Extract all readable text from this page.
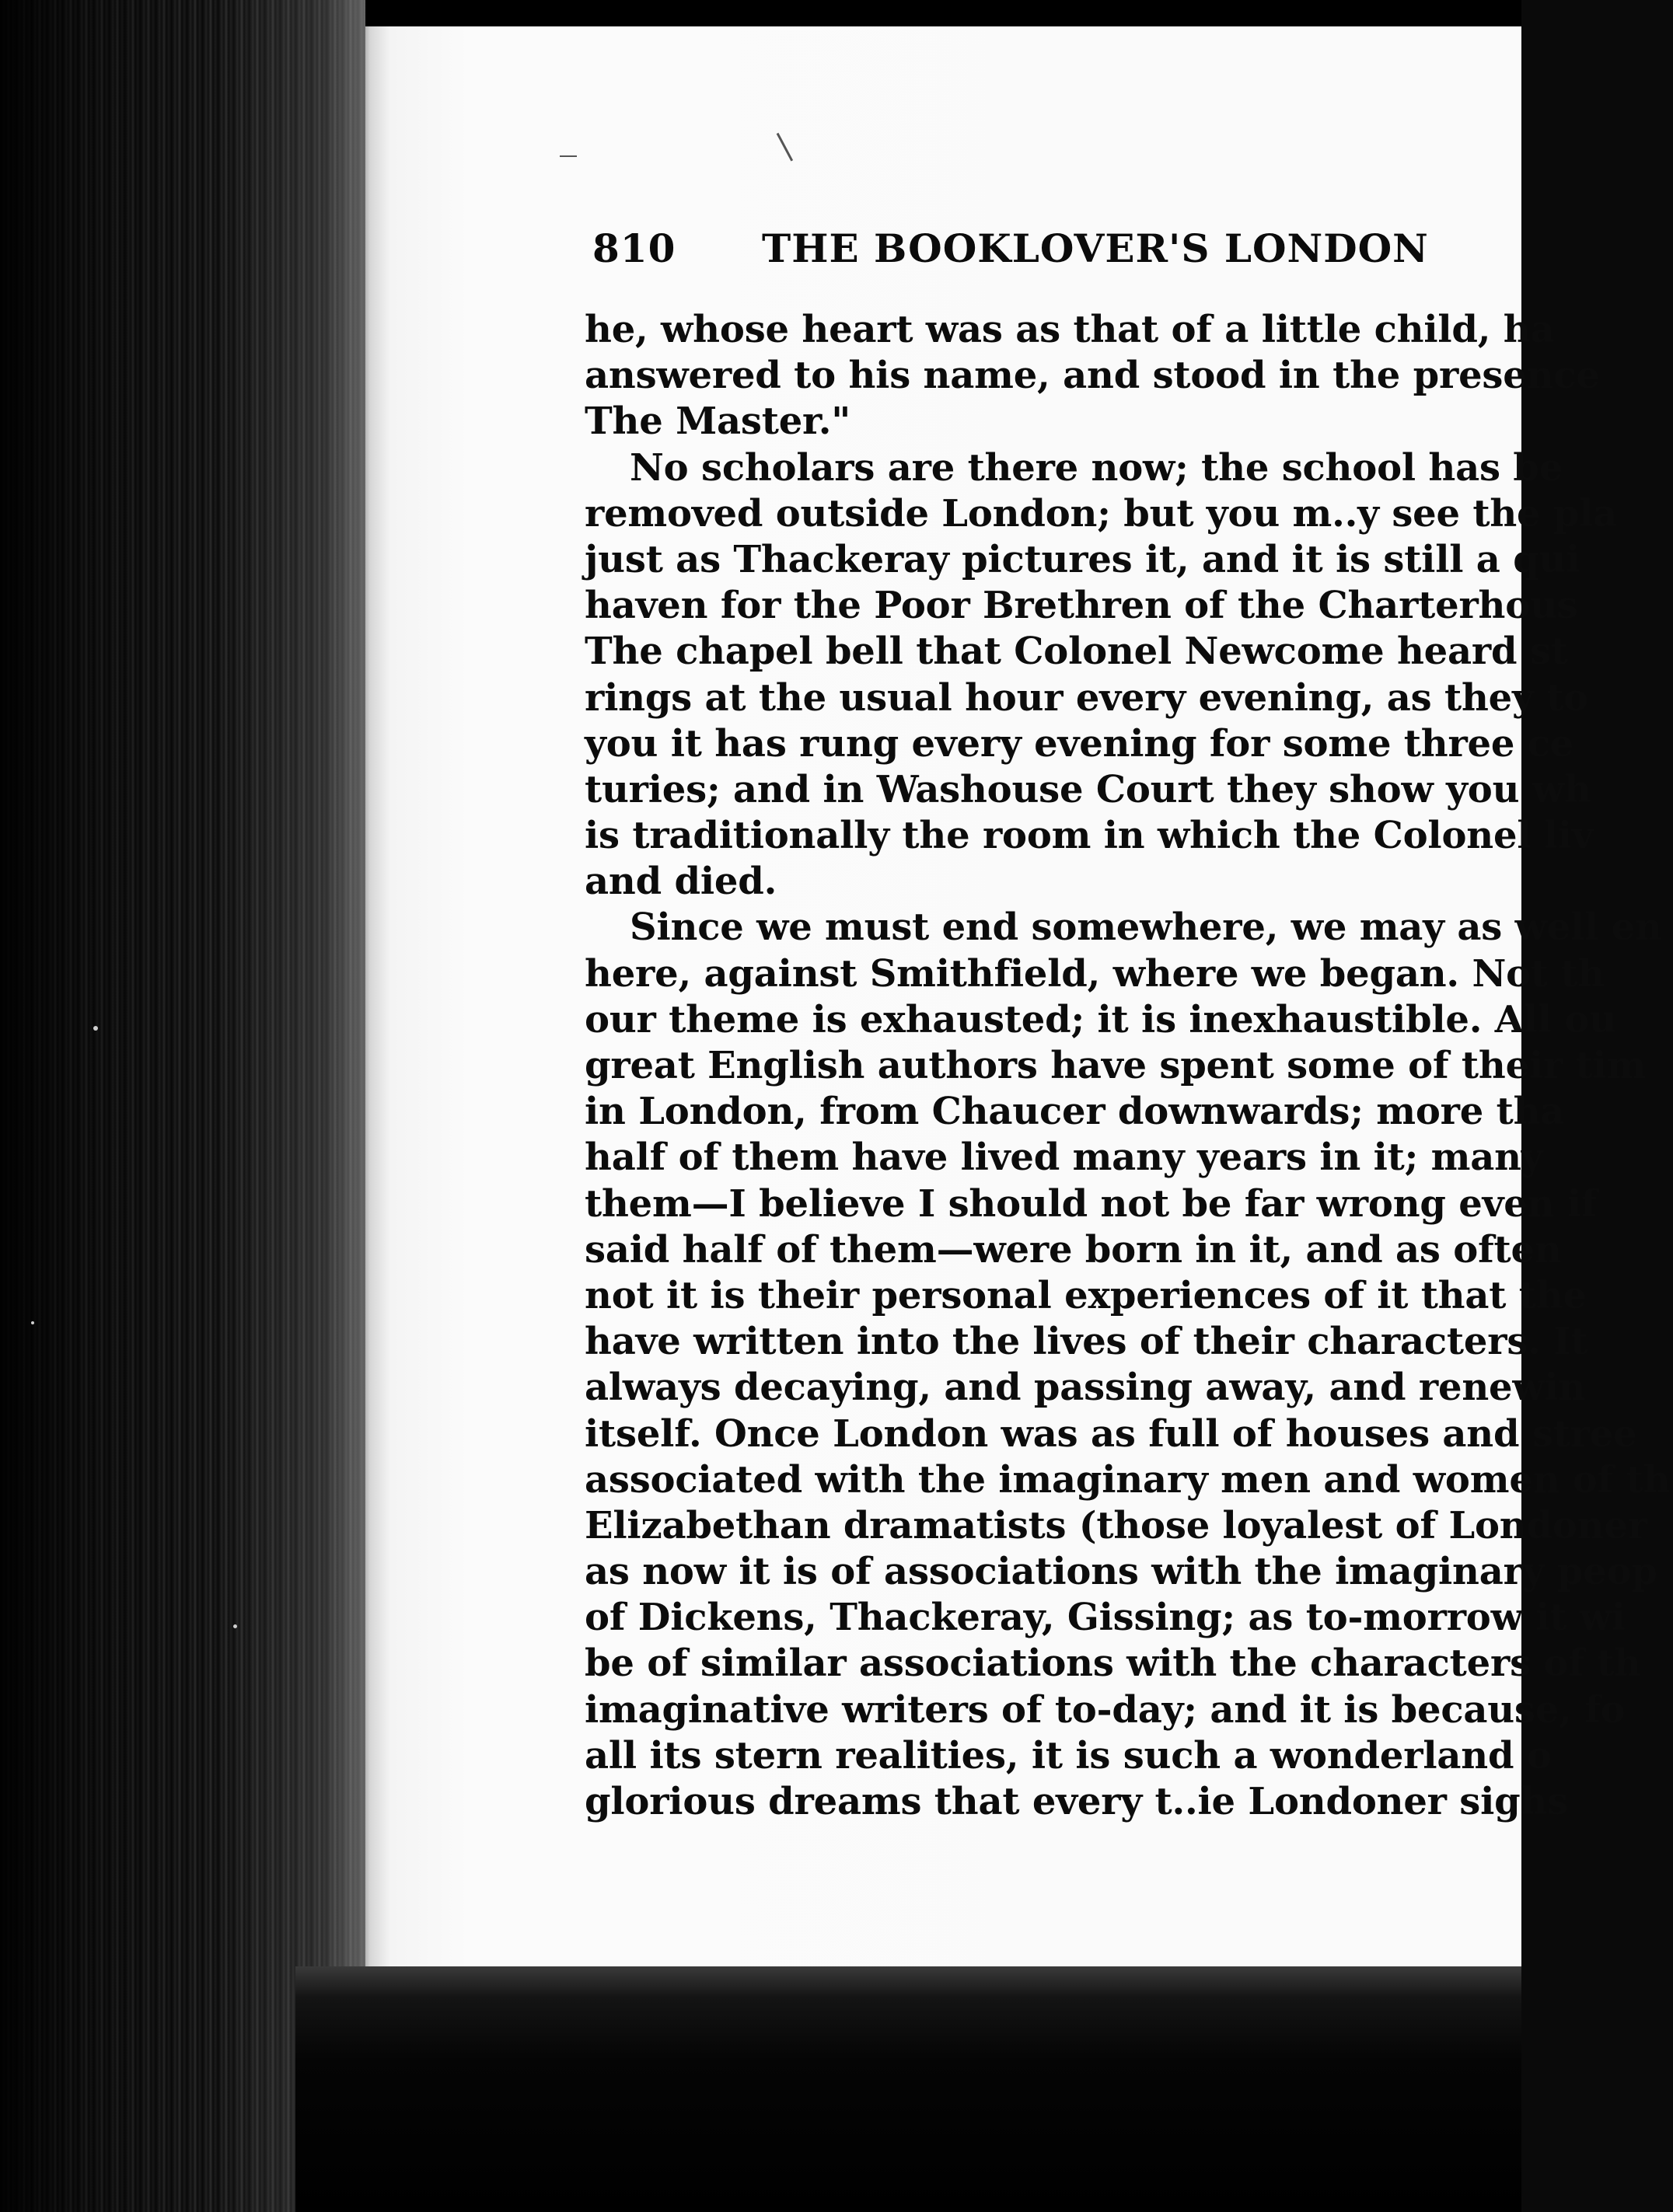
810 THE BOOKLOVER'S LONDON
he, whose heart was as that of a little child, ha
answered to his name, and stood in the presence
The Master."
No scholars are there now; the school has be
removed outside London; but you m..y see the pla
just as Thackeray pictures it, and it is still a qui
haven for the Poor Brethren of the Charterhous
The chapel bell that Colonel Newcome heard st
rings at the usual hour every evening, as they to
you it has rung every evening for some three ce
turies; and in Washouse Court they show you wh
is traditionally the room in which the Colonel liv
and died.
Since we must end somewhere, we may as well en
here, against Smithfield, where we began. Not th
our theme is exhausted; it is inexhaustible. All ou
great English authors have spent some of their tim
in London, from Chaucer downwards; more tha
half of them have lived many years in it; many
them—I believe I should not be far wrong even if
said half of them—were born in it, and as often
not it is their personal experiences of it that the
have written into the lives of their characters. It
always decaying, and passing away, and renewin
itself. Once London was as full of houses and stree
associated with the imaginary men and women of th
Elizabethan dramatists (those loyalest of Londoner
as now it is of associations with the imaginary peop
of Dickens, Thackeray, Gissing; as to-morrow it wi
be of similar associations with the characters of th
imaginative writers of to-day; and it is because, fo
all its stern realities, it is such a wonderland o
glorious dreams that every t..ie Londoner sighs
